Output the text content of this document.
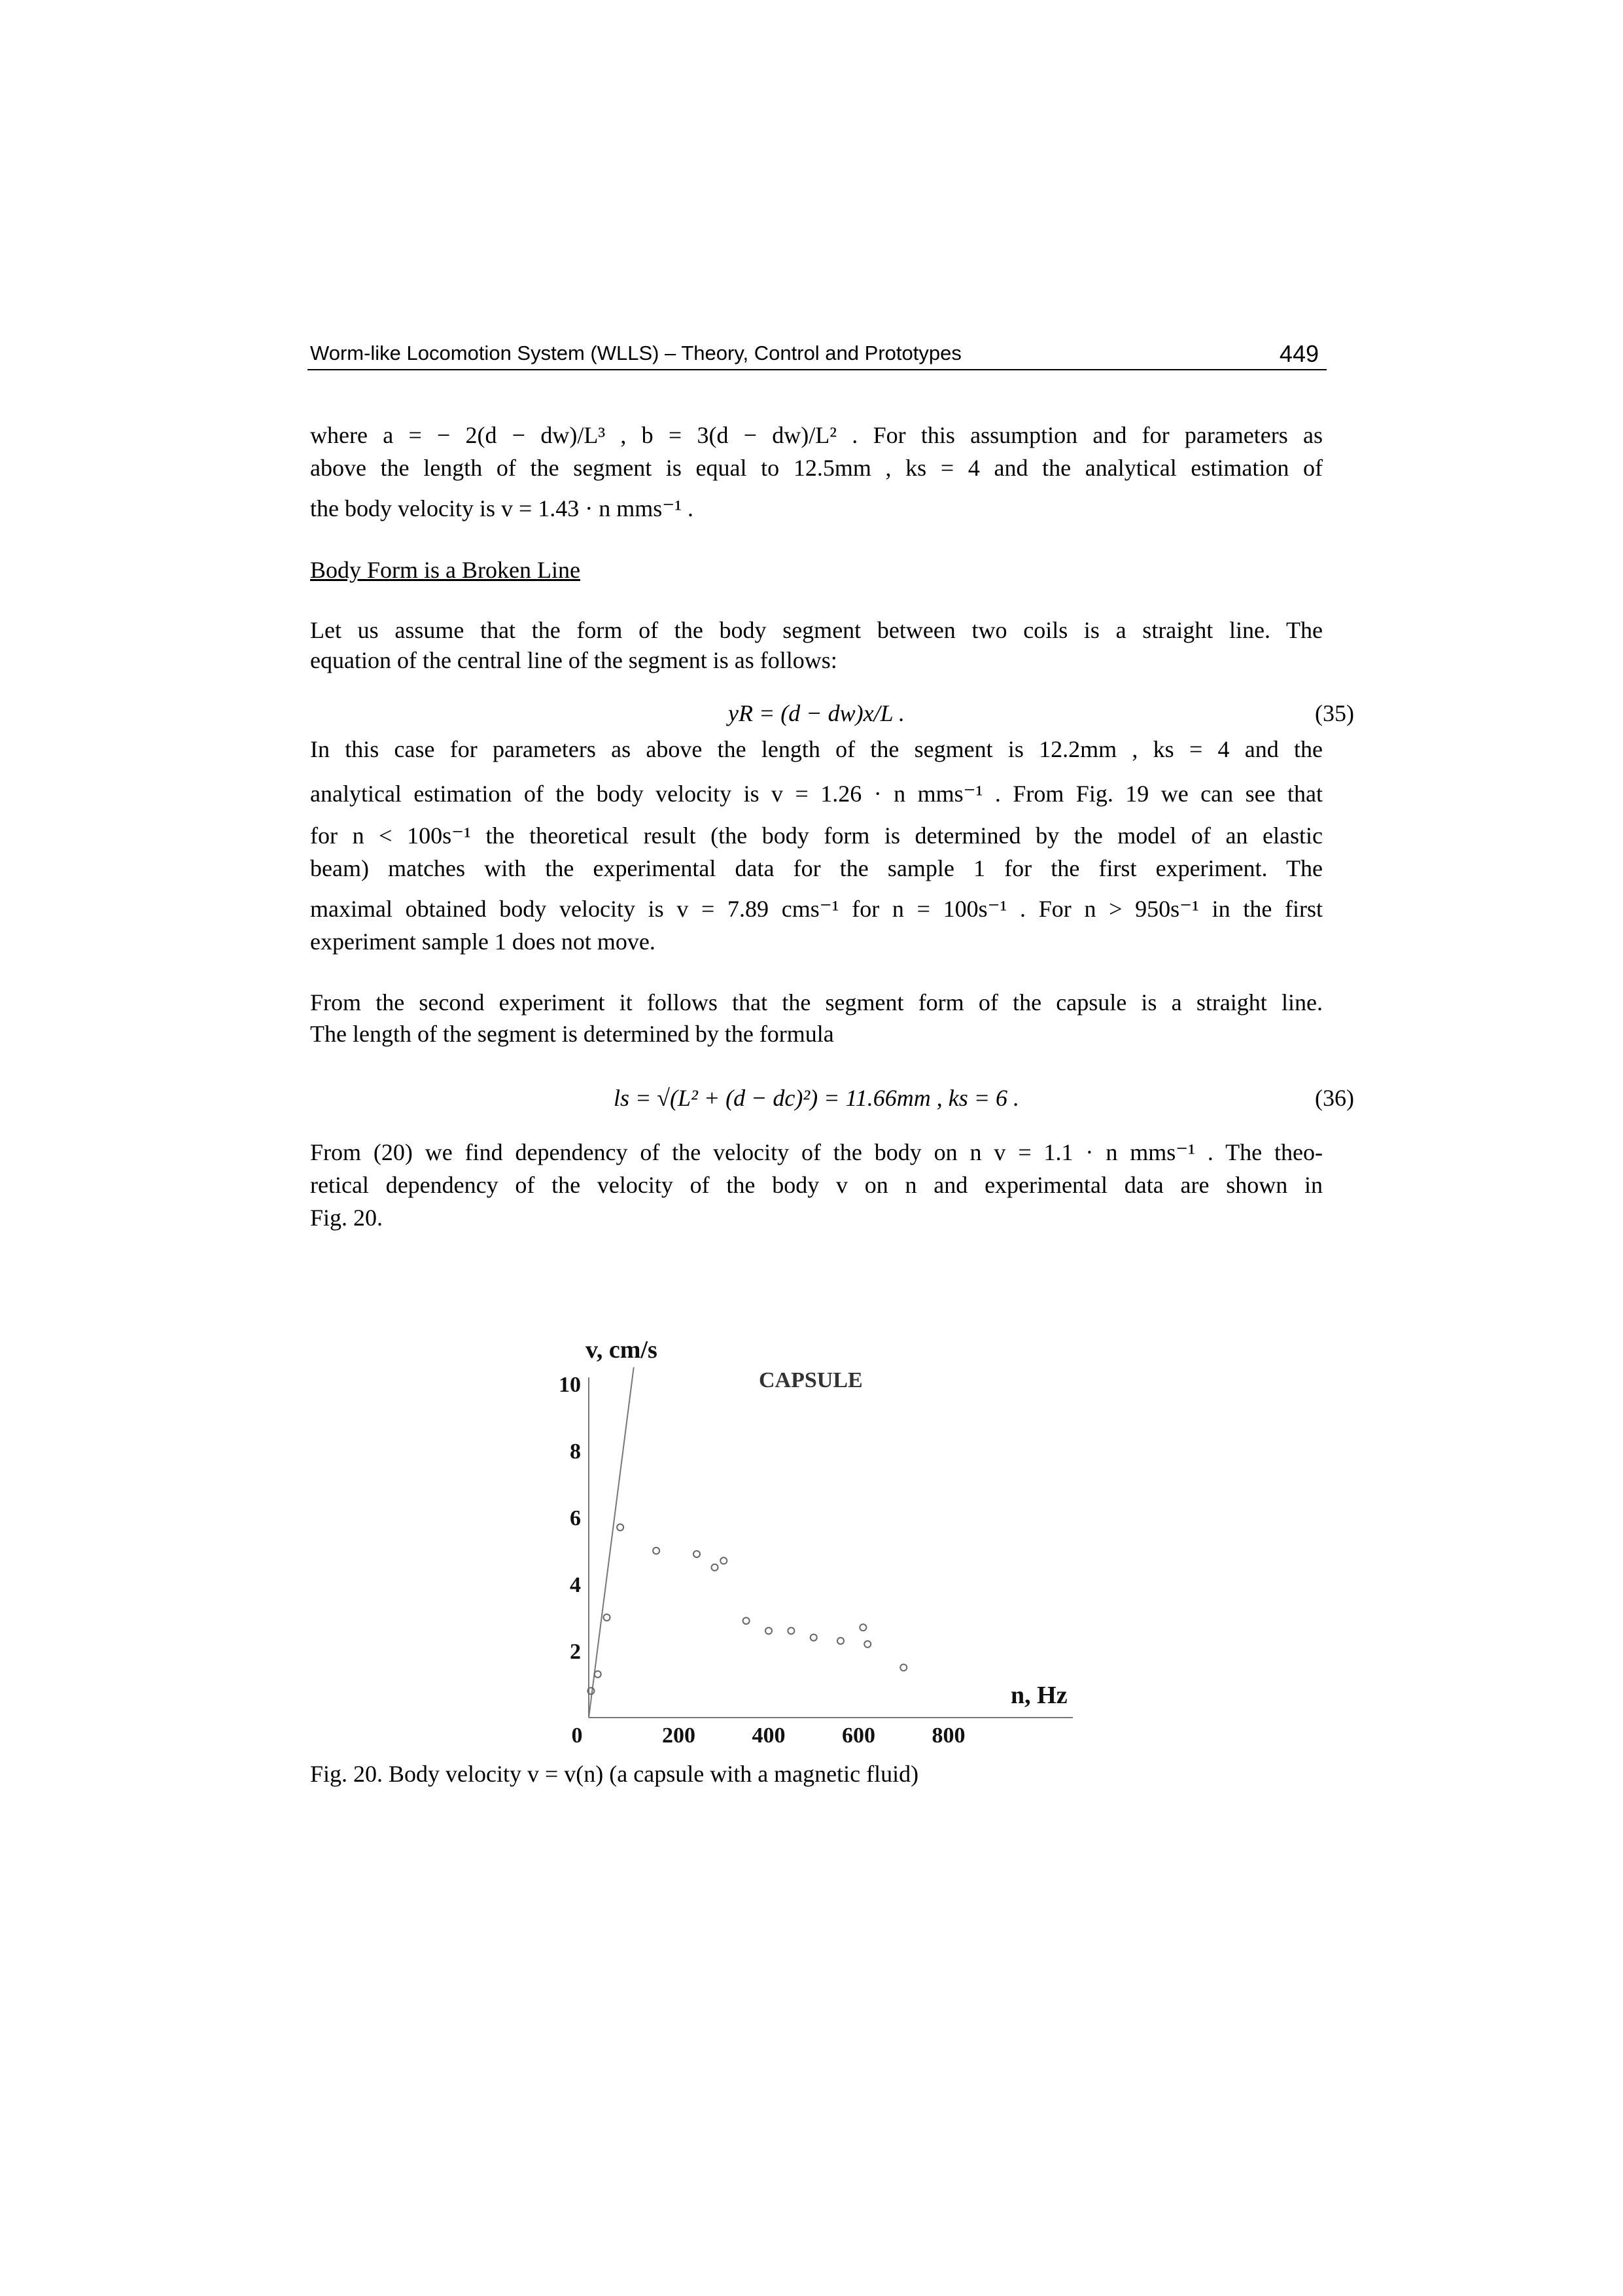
Worm-like Locomotion System (WLLS) – Theory, Control and Prototypes	449

where a = − 2(d − dw)/L³ , b = 3(d − dw)/L² . For this assumption and for parameters as
above the length of the segment is equal to 12.5mm , ks = 4 and the analytical estimation of
the body velocity is v = 1.43 · n mms⁻¹ .

Body Form is a Broken Line

Let us assume that the form of the body segment between two coils is a straight line. The
equation of the central line of the segment is as follows:

yR = (d − dw)x/L .	(35)

In this case for parameters as above the length of the segment is 12.2mm , ks = 4 and the
analytical estimation of the body velocity is v = 1.26 · n mms⁻¹ . From Fig. 19 we can see that
for n < 100s⁻¹ the theoretical result (the body form is determined by the model of an elastic
beam) matches with the experimental data for the sample 1 for the first experiment. The
maximal obtained body velocity is v = 7.89 cms⁻¹ for n = 100s⁻¹ . For n > 950s⁻¹ in the first
experiment sample 1 does not move.

From the second experiment it follows that the segment form of the capsule is a straight line.
The length of the segment is determined by the formula

ls = √(L² + (d − dc)²) = 11.66mm , ks = 6 .	(36)

From (20) we find dependency of the velocity of the body on n v = 1.1 · n mms⁻¹ . The theo-
retical dependency of the velocity of the body v on n and experimental data are shown in
Fig. 20.

CAPSULE
v, cm/s
n, Hz
0	200	400	600	800
2
4
6
8
10
Fig. 20. Body velocity v = v(n) (a capsule with a magnetic fluid)
